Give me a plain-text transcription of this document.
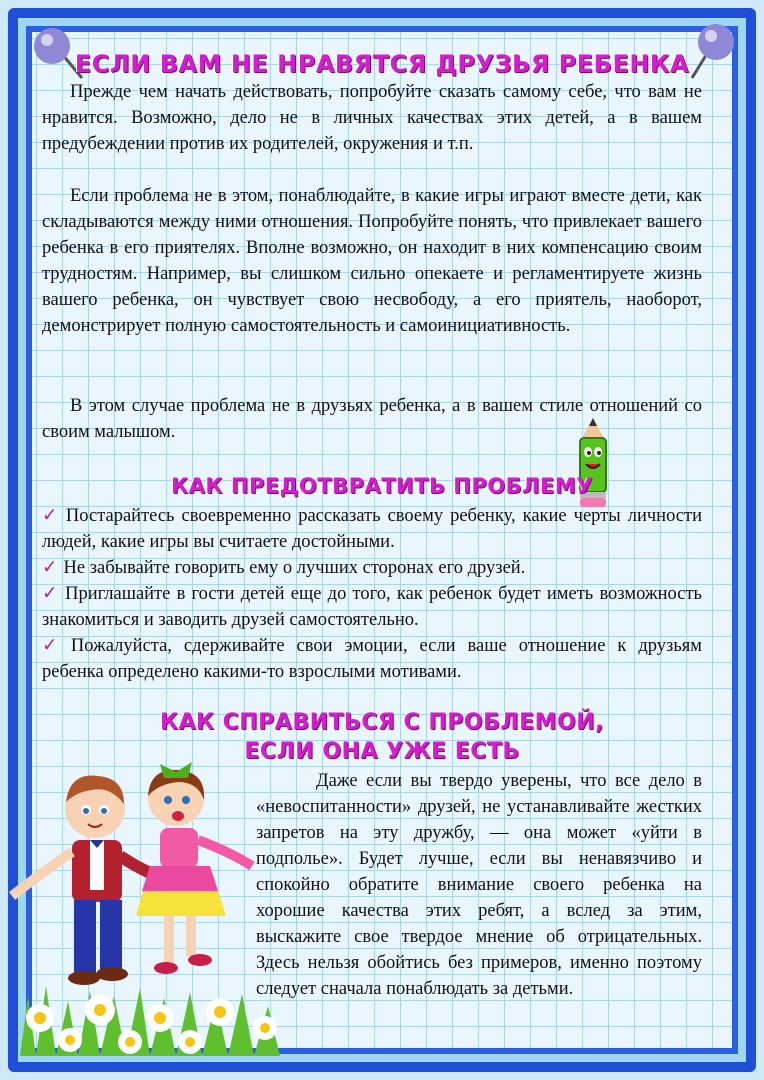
ЕСЛИ ВАМ НЕ НРАВЯТСЯ ДРУЗЬЯ РЕБЕНКА

Прежде чем начать действовать, попробуйте сказать самому себе, что вам не нравится. Возможно, дело не в личных качествах этих детей, а в вашем предубеждении против их родителей, окружения и т.п.

Если проблема не в этом, понаблюдайте, в какие игры играют вместе дети, как складываются между ними отношения. Попробуйте понять, что привлекает вашего ребенка в его приятелях. Вполне возможно, он находит в них компенсацию своим трудностям. Например, вы слишком сильно опекаете и регламентируете жизнь вашего ребенка, он чувствует свою несвободу, а его приятель, наоборот, демонстрирует полную самостоятельность и самоинициативность.

В этом случае проблема не в друзьях ребенка, а в вашем стиле отношений со своим малышом.

КАК ПРЕДОТВРАТИТЬ ПРОБЛЕМУ
✓ Постарайтесь своевременно рассказать своему ребенку, какие черты личности людей, какие игры вы считаете достойными.
✓ Не забывайте говорить ему о лучших сторонах его друзей.
✓ Приглашайте в гости детей еще до того, как ребенок будет иметь возможность знакомиться и заводить друзей самостоятельно.
✓ Пожалуйста, сдерживайте свои эмоции, если ваше отношение к друзьям ребенка определено какими-то взрослыми мотивами.
КАК СПРАВИТЬСЯ С ПРОБЛЕМОЙ,
ЕСЛИ ОНА УЖЕ ЕСТЬ

Даже если вы твердо уверены, что все дело в «невоспитанности» друзей, не устанавливайте жестких запретов на эту дружбу, — она может «уйти в подполье». Будет лучше, если вы ненавязчиво и спокойно обратите внимание своего ребенка на хорошие качества этих ребят, а вслед за этим, выскажите свое твердое мнение об отрицательных. Здесь нельзя обойтись без примеров, именно поэтому следует сначала понаблюдать за детьми.
